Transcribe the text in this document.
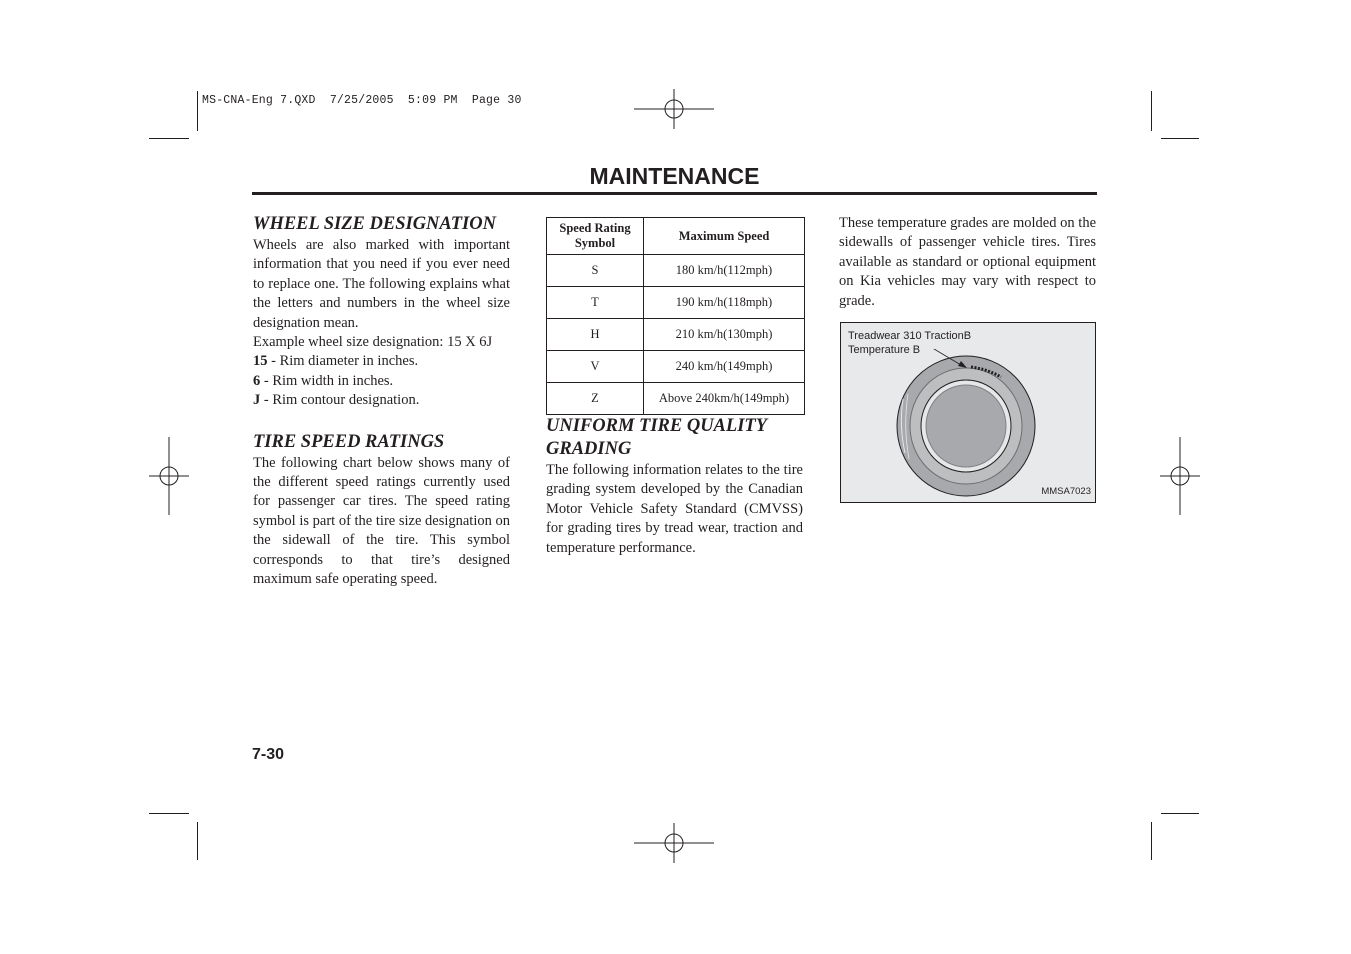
MS-CNA-Eng 7.QXD  7/25/2005  5:09 PM  Page 30
MAINTENANCE

WHEEL SIZE DESIGNATION

Wheels are also marked with important information that you need if you ever need to replace one. The following explains what the letters and numbers in the wheel size designation mean.

Example wheel size designation: 15 X 6J

15 - Rim diameter in inches.

6 - Rim width in inches.

J - Rim contour designation.

TIRE SPEED RATINGS

The following chart below shows many of the different speed ratings currently used for passenger car tires. The speed rating symbol is part of the tire size designation on the sidewall of the tire. This symbol corresponds to that tire’s designed maximum safe operating speed.

Speed Rating Symbol	Maximum Speed
S	180 km/h(112mph)
T	190 km/h(118mph)
H	210 km/h(130mph)
V	240 km/h(149mph)
Z	Above 240km/h(149mph)

UNIFORM TIRE QUALITY GRADING

The following information relates to the tire grading system developed by the Canadian Motor Vehicle Safety Standard (CMVSS) for grading tires by tread wear, traction and temperature performance.

These temperature grades are molded on the sidewalls of passenger vehicle tires. Tires available as standard or optional equipment on Kia vehicles may vary with respect to grade.

Treadwear 310 TractionB
Temperature B
MMSA7023
7-30
